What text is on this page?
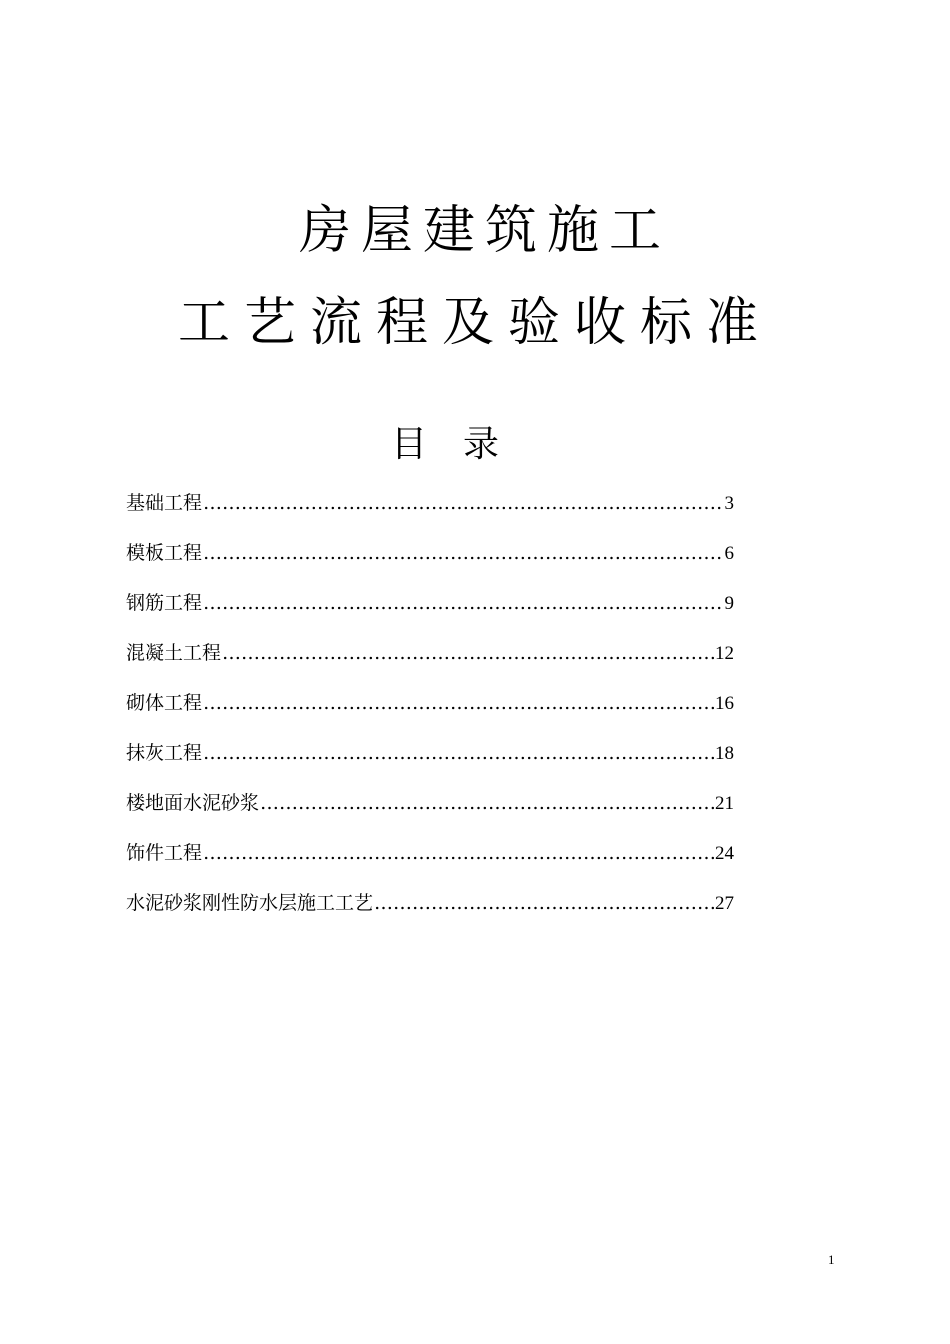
房屋建筑施工
工艺流程及验收标准
目录
基础工程 …………………………………………………………………………………………………………………………………………………	3
模板工程 …………………………………………………………………………………………………………………………………………………	6
钢筋工程 …………………………………………………………………………………………………………………………………………………	9
混凝土工程 …………………………………………………………………………………………………………………………………………………	12
砌体工程 …………………………………………………………………………………………………………………………………………………	16
抹灰工程 …………………………………………………………………………………………………………………………………………………	18
楼地面水泥砂浆 …………………………………………………………………………………………………………………………………………………	21
饰件工程 …………………………………………………………………………………………………………………………………………………	24
水泥砂浆刚性防水层施工工艺 …………………………………………………………………………………………………………………………………………………	27
1
